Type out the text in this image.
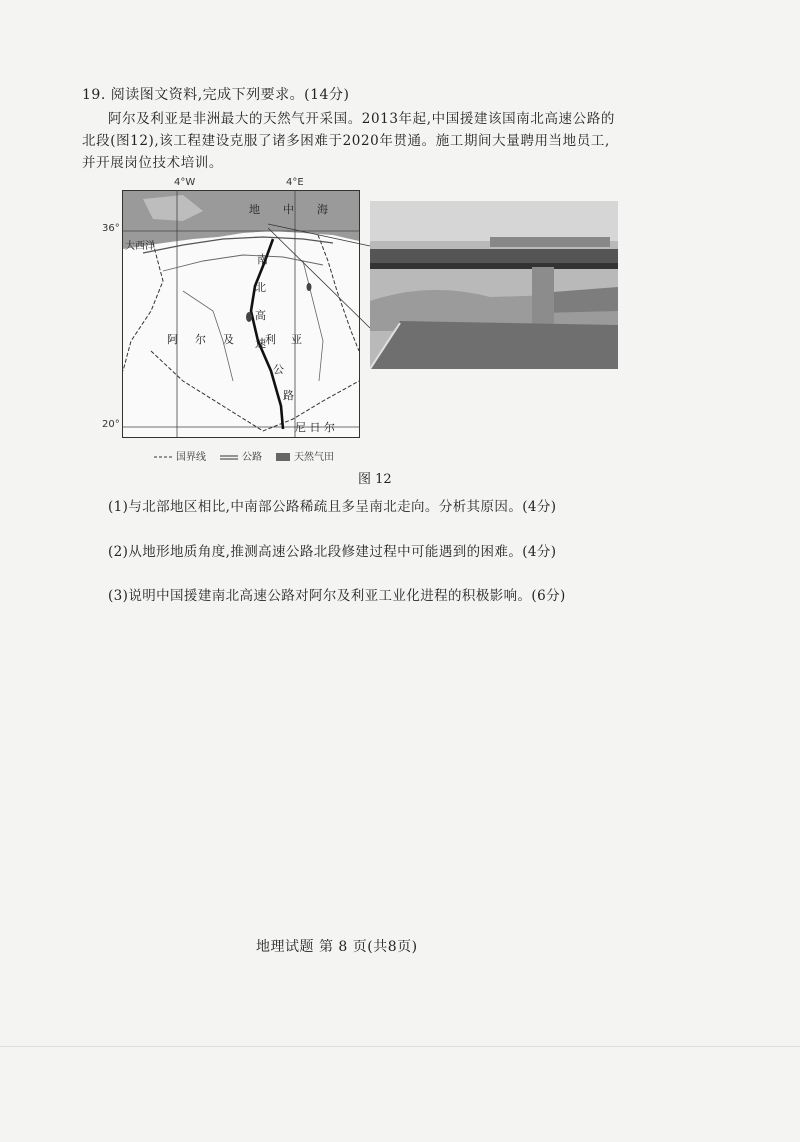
19. 阅读图文资料,完成下列要求。(14分)
阿尔及利亚是非洲最大的天然气开采国。2013年起,中国援建该国南北高速公路的
北段(图12),该工程建设克服了诸多困难于2020年贯通。施工期间大量聘用当地员工,
并开展岗位技术培训。
4°W	4°E
36°
20°
地 中 海
大西洋
南
北
高
速
公
路
阿 尔 及	利 亚
尼 日 尔
国界线	公路	天然气田
图 12
(1)与北部地区相比,中南部公路稀疏且多呈南北走向。分析其原因。(4分)
(2)从地形地质角度,推测高速公路北段修建过程中可能遇到的困难。(4分)
(3)说明中国援建南北高速公路对阿尔及利亚工业化进程的积极影响。(6分)
地理试题 第 8 页(共8页)
